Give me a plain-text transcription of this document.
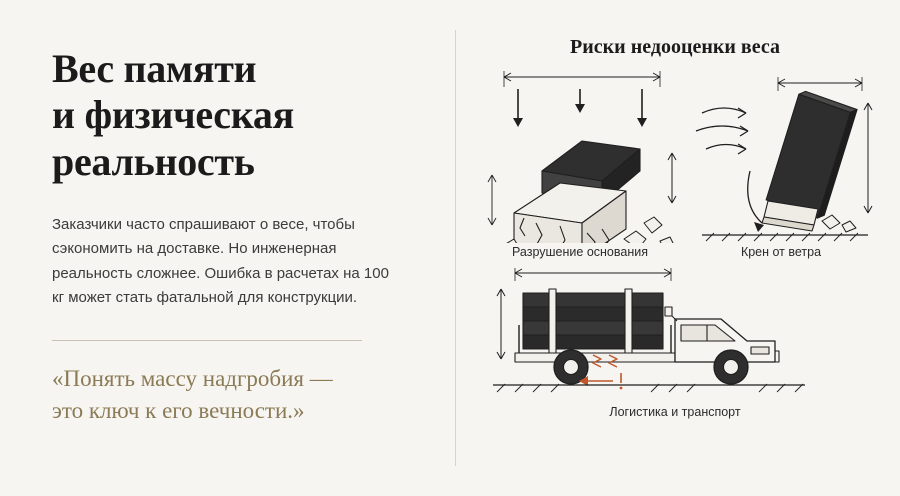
Вес памяти
и физическая
реальность

Заказчики часто спрашивают о весе, чтобы сэкономить на доставке. Но инженерная реальность сложнее. Ошибка в расчетах на 100 кг может стать фатальной для конструкции.

«Понять массу надгробия —
это ключ к его вечности.»
Риски недооценки веса
Разрушение основания	Крен от ветра
Логистика и транспорт
